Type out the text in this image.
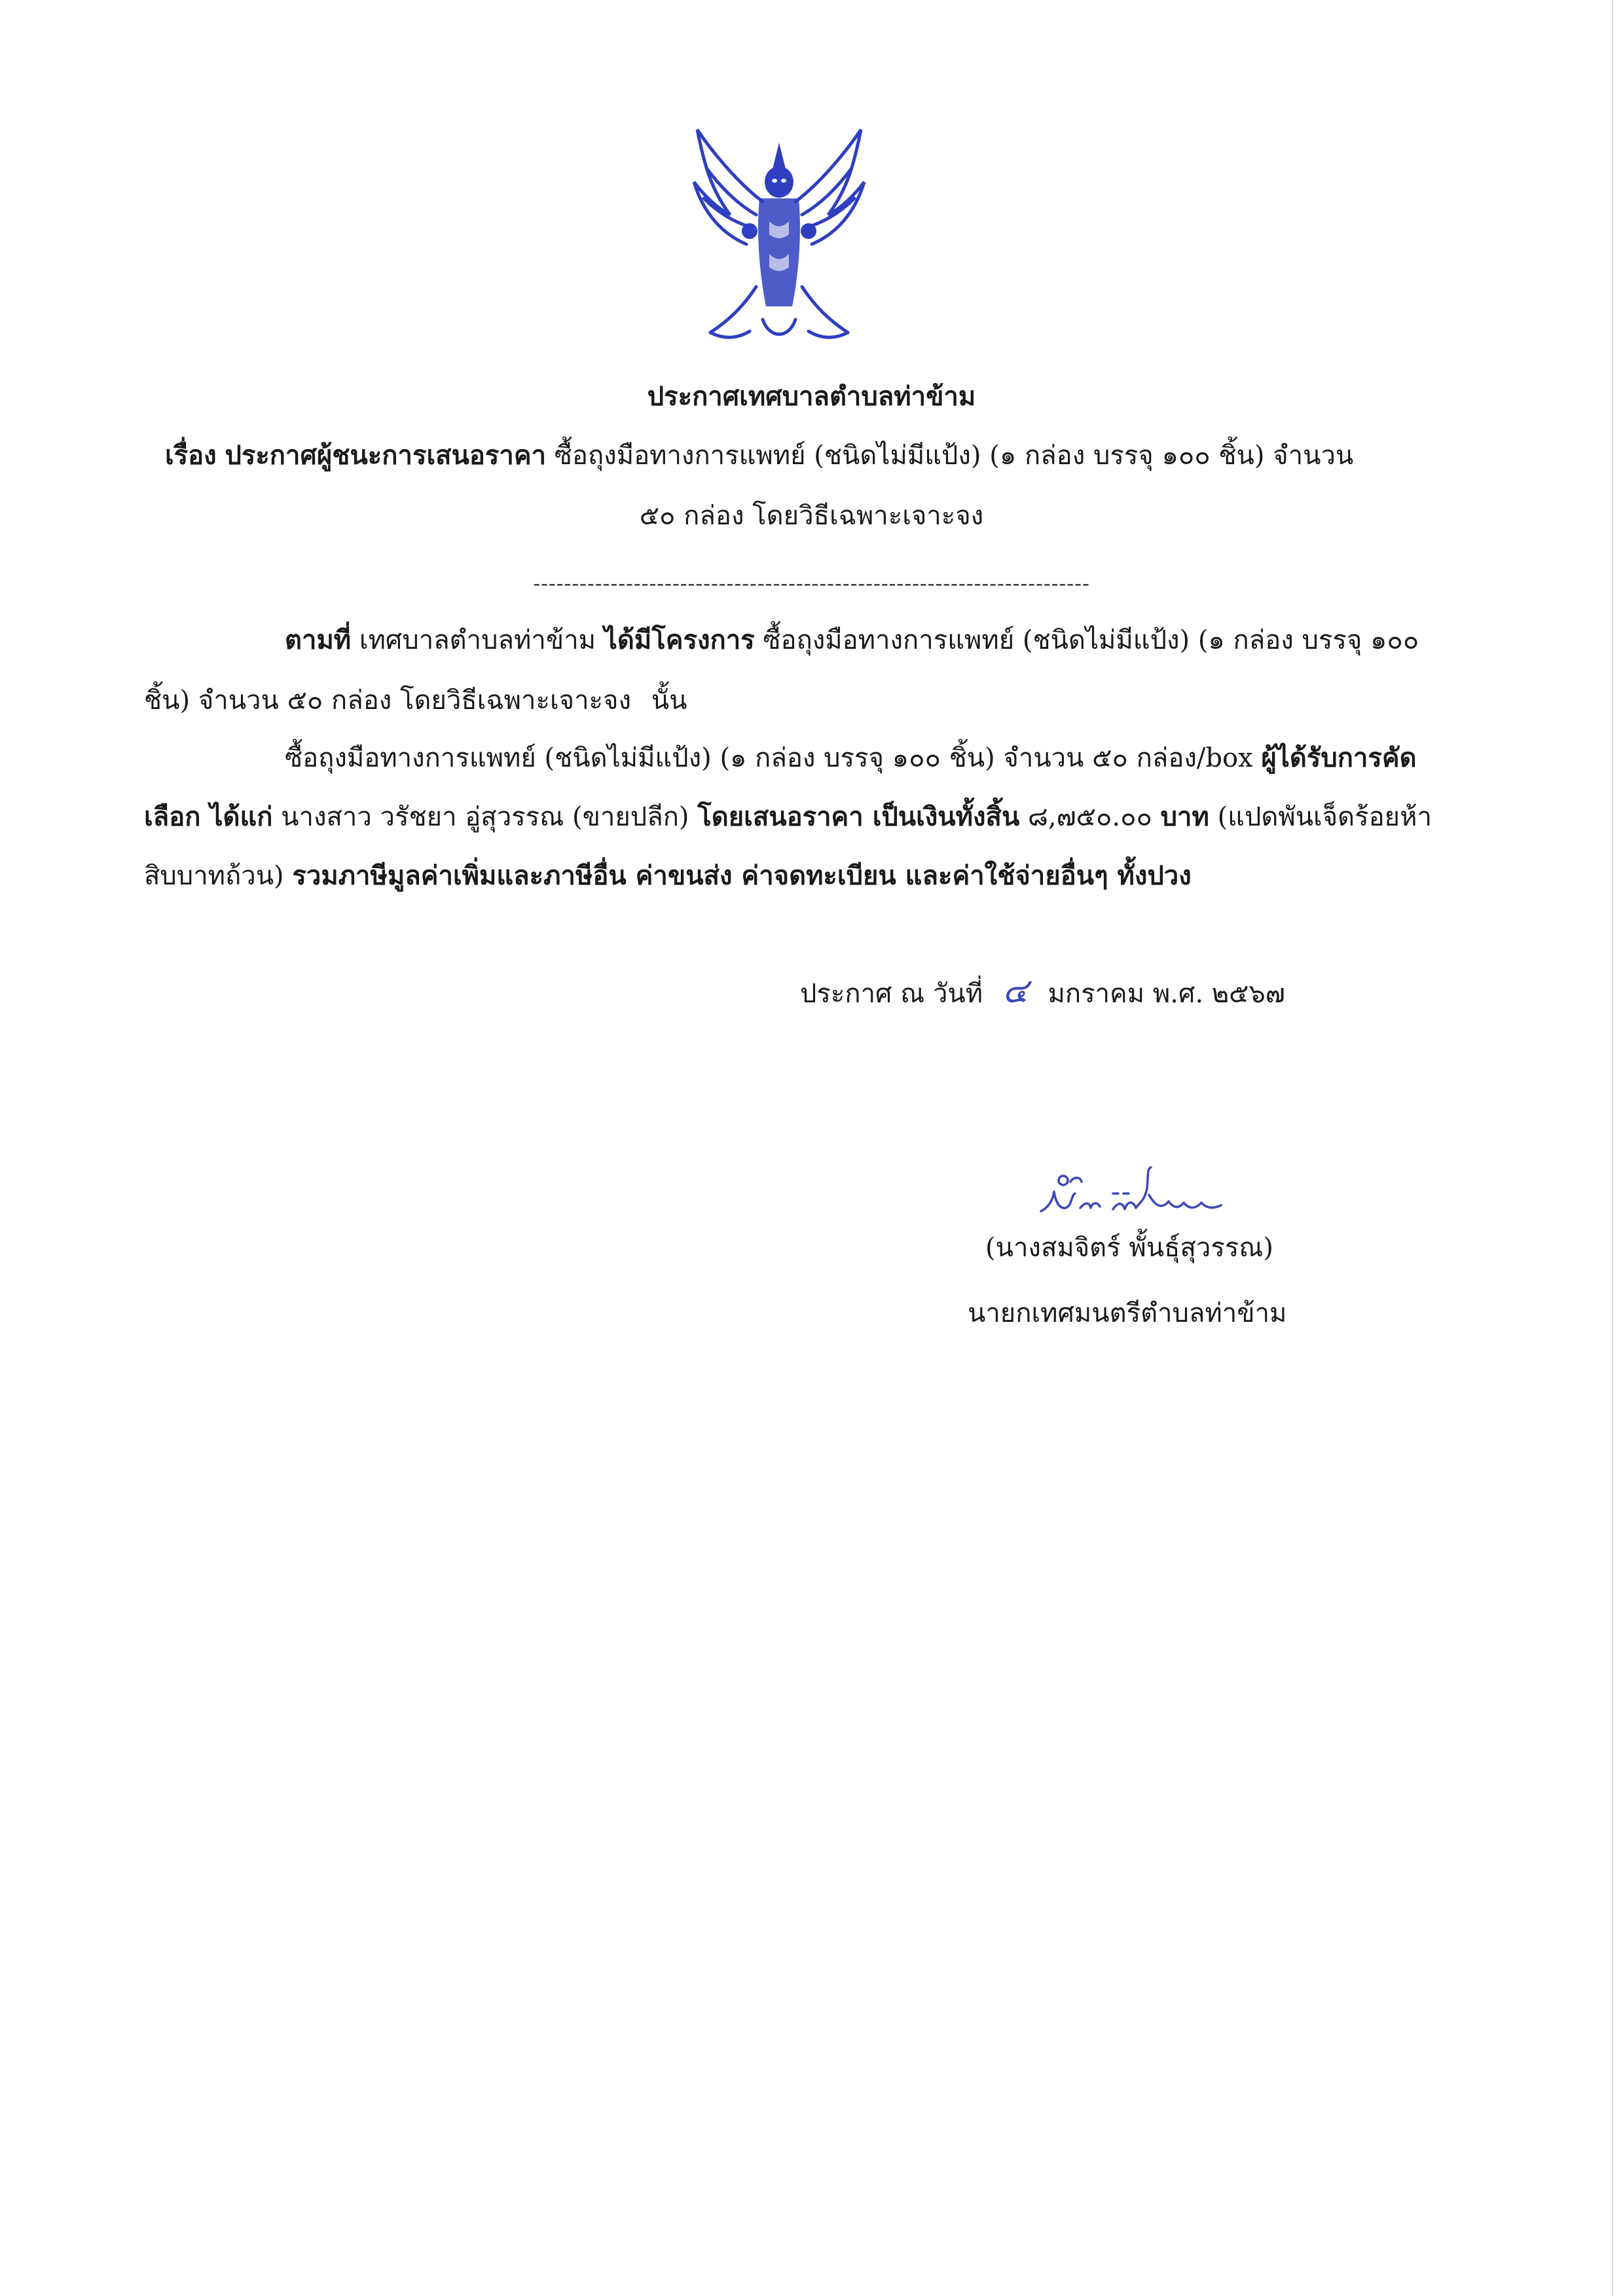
ประกาศเทศบาลตำบลท่าข้าม
เรื่อง ประกาศผู้ชนะการเสนอราคา ซื้อถุงมือทางการแพทย์ (ชนิดไม่มีแป้ง) (๑ กล่อง บรรจุ ๑๐๐ ชิ้น) จำนวน
๕๐ กล่อง โดยวิธีเฉพาะเจาะจง
------------------------------------------------------------------------
ตามที่ เทศบาลตำบลท่าข้าม ได้มีโครงการ ซื้อถุงมือทางการแพทย์ (ชนิดไม่มีแป้ง) (๑ กล่อง บรรจุ ๑๐๐
ชิ้น) จำนวน ๕๐ กล่อง โดยวิธีเฉพาะเจาะจง นั้น
ซื้อถุงมือทางการแพทย์ (ชนิดไม่มีแป้ง) (๑ กล่อง บรรจุ ๑๐๐ ชิ้น) จำนวน ๕๐ กล่อง/box ผู้ได้รับการคัด
เลือก ได้แก่ นางสาว วรัชยา อู่สุวรรณ (ขายปลีก) โดยเสนอราคา เป็นเงินทั้งสิ้น ๘,๗๕๐.๐๐ บาท (แปดพันเจ็ดร้อยห้า
สิบบาทถ้วน) รวมภาษีมูลค่าเพิ่มและภาษีอื่น ค่าขนส่ง ค่าจดทะเบียน และค่าใช้จ่ายอื่นๆ ทั้งปวง
ประกาศ ณ วันที่ ๔ มกราคม พ.ศ. ๒๕๖๗
(นางสมจิตร์ พั้นธุ์สุวรรณ)
นายกเทศมนตรีตำบลท่าข้าม
